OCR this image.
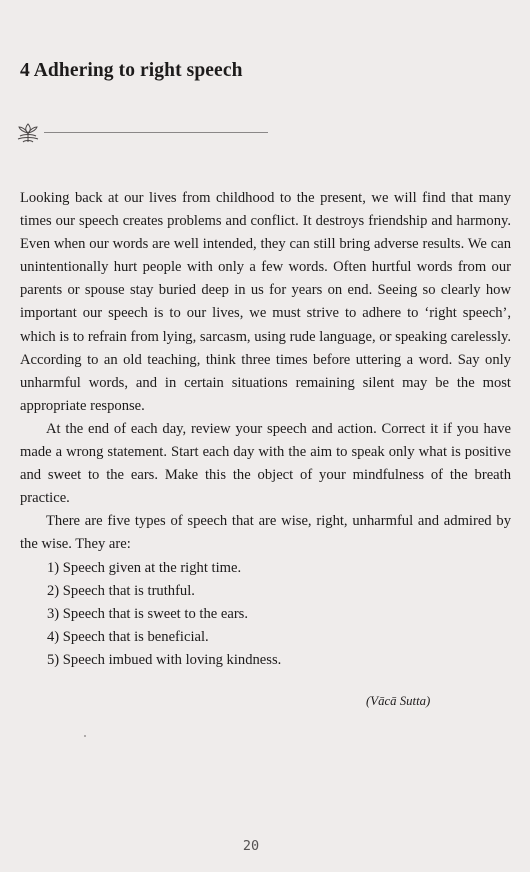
4 Adhering to right speech

Looking back at our lives from childhood to the present, we will find that many times our speech creates problems and conflict. It destroys friendship and harmony. Even when our words are well intended, they can still bring adverse results. We can unintentionally hurt people with only a few words. Often hurtful words from our parents or spouse stay buried deep in us for years on end. Seeing so clearly how important our speech is to our lives, we must strive to adhere to ‘right speech’, which is to refrain from lying, sarcasm, using rude language, or speaking carelessly. According to an old teaching, think three times before uttering a word. Say only unharmful words, and in certain situations remaining silent may be the most appropriate response.

At the end of each day, review your speech and action. Correct it if you have made a wrong statement. Start each day with the aim to speak only what is positive and sweet to the ears. Make this the object of your mindfulness of the breath practice.

There are five types of speech that are wise, right, unharmful and admired by the wise. They are:

1) Speech given at the right time.
2) Speech that is truthful.
3) Speech that is sweet to the ears.
4) Speech that is beneficial.
5) Speech imbued with loving kindness.
(Vācā Sutta)
20
